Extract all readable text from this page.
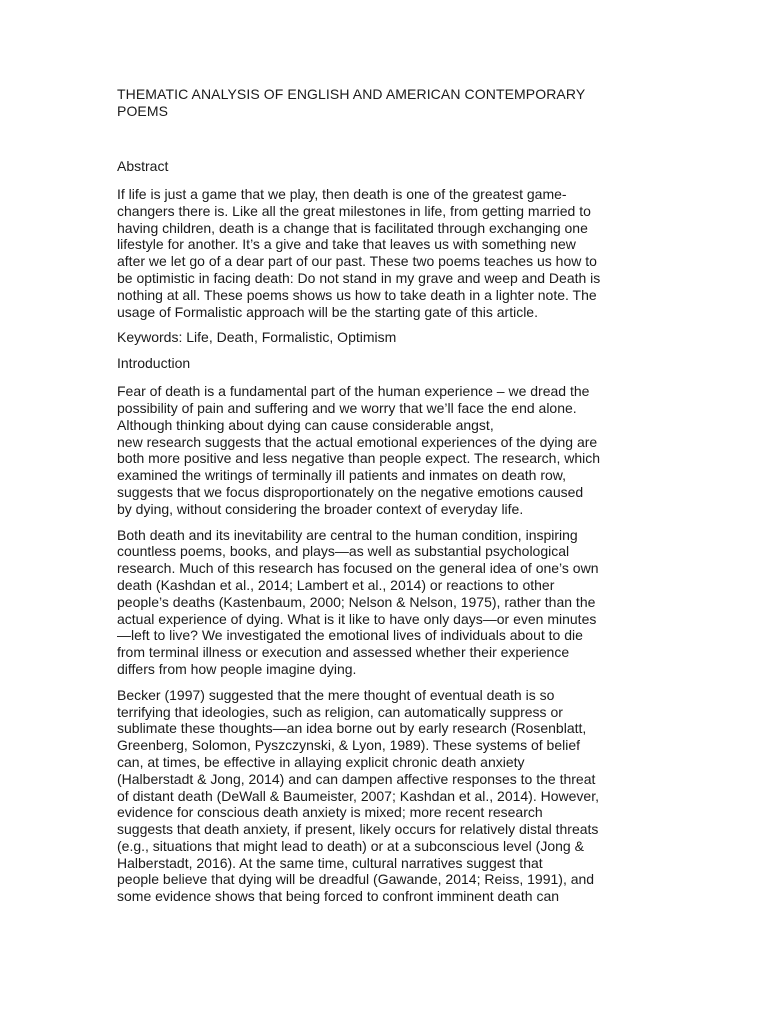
THEMATIC ANALYSIS OF ENGLISH AND AMERICAN CONTEMPORARY
POEMS
Abstract

If life is just a game that we play, then death is one of the greatest game-
changers there is. Like all the great milestones in life, from getting married to
having children, death is a change that is facilitated through exchanging one
lifestyle for another. It’s a give and take that leaves us with something new
after we let go of a dear part of our past. These two poems teaches us how to
be optimistic in facing death: Do not stand in my grave and weep and Death is
nothing at all. These poems shows us how to take death in a lighter note. The
usage of Formalistic approach will be the starting gate of this article.

Keywords: Life, Death, Formalistic, Optimism

Introduction

Fear of death is a fundamental part of the human experience – we dread the
possibility of pain and suffering and we worry that we’ll face the end alone.
Although thinking about dying can cause considerable angst,
new research suggests that the actual emotional experiences of the dying are
both more positive and less negative than people expect. The research, which
examined the writings of terminally ill patients and inmates on death row,
suggests that we focus disproportionately on the negative emotions caused
by dying, without considering the broader context of everyday life.

Both death and its inevitability are central to the human condition, inspiring
countless poems, books, and plays—as well as substantial psychological
research. Much of this research has focused on the general idea of one’s own
death (Kashdan et al., 2014; Lambert et al., 2014) or reactions to other
people’s deaths (Kastenbaum, 2000; Nelson & Nelson, 1975), rather than the
actual experience of dying. What is it like to have only days—or even minutes
—left to live? We investigated the emotional lives of individuals about to die
from terminal illness or execution and assessed whether their experience
differs from how people imagine dying.

Becker (1997) suggested that the mere thought of eventual death is so
terrifying that ideologies, such as religion, can automatically suppress or
sublimate these thoughts—an idea borne out by early research (Rosenblatt,
Greenberg, Solomon, Pyszczynski, & Lyon, 1989). These systems of belief
can, at times, be effective in allaying explicit chronic death anxiety
(Halberstadt & Jong, 2014) and can dampen affective responses to the threat
of distant death (DeWall & Baumeister, 2007; Kashdan et al., 2014). However,
evidence for conscious death anxiety is mixed; more recent research
suggests that death anxiety, if present, likely occurs for relatively distal threats
(e.g., situations that might lead to death) or at a subconscious level (Jong &
Halberstadt, 2016). At the same time, cultural narratives suggest that
people believe that dying will be dreadful (Gawande, 2014; Reiss, 1991), and
some evidence shows that being forced to confront imminent death can
